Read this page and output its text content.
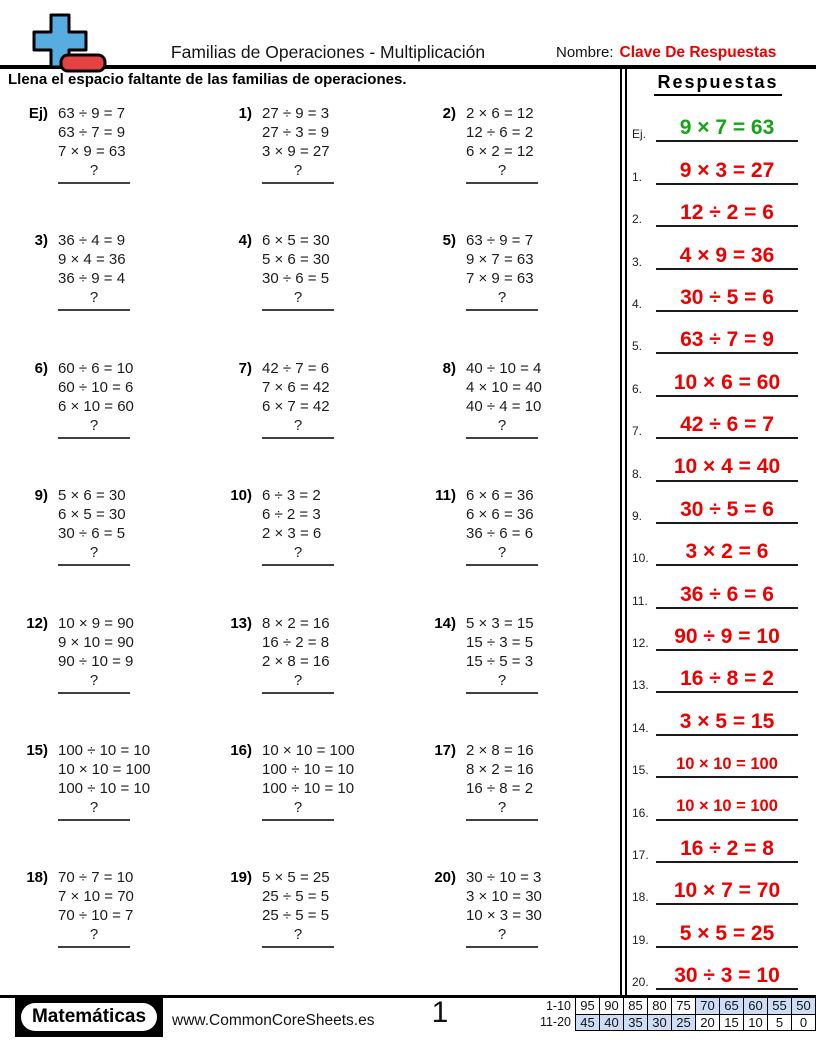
Familias de Operaciones - Multiplicación	Nombre: Clave De Respuestas
Llena el espacio faltante de las familias de operaciones.
Ej) 63 ÷ 9 = 7
63 ÷ 7 = 9
7 × 9 = 63
?
1) 27 ÷ 9 = 3
27 ÷ 3 = 9
3 × 9 = 27
?
2) 2 × 6 = 12
12 ÷ 6 = 2
6 × 2 = 12
?
3) 36 ÷ 4 = 9
9 × 4 = 36
36 ÷ 9 = 4
?
4) 6 × 5 = 30
5 × 6 = 30
30 ÷ 6 = 5
?
5) 63 ÷ 9 = 7
9 × 7 = 63
7 × 9 = 63
?
6) 60 ÷ 6 = 10
60 ÷ 10 = 6
6 × 10 = 60
?
7) 42 ÷ 7 = 6
7 × 6 = 42
6 × 7 = 42
?
8) 40 ÷ 10 = 4
4 × 10 = 40
40 ÷ 4 = 10
?
9) 5 × 6 = 30
6 × 5 = 30
30 ÷ 6 = 5
?
10) 6 ÷ 3 = 2
6 ÷ 2 = 3
2 × 3 = 6
?
11) 6 × 6 = 36
6 × 6 = 36
36 ÷ 6 = 6
?
12) 10 × 9 = 90
9 × 10 = 90
90 ÷ 10 = 9
?
13) 8 × 2 = 16
16 ÷ 2 = 8
2 × 8 = 16
?
14) 5 × 3 = 15
15 ÷ 3 = 5
15 ÷ 5 = 3
?
15) 100 ÷ 10 = 10
10 × 10 = 100
100 ÷ 10 = 10
?
16) 10 × 10 = 100
100 ÷ 10 = 10
100 ÷ 10 = 10
?
17) 2 × 8 = 16
8 × 2 = 16
16 ÷ 8 = 2
?
18) 70 ÷ 7 = 10
7 × 10 = 70
70 ÷ 10 = 7
?
19) 5 × 5 = 25
25 ÷ 5 = 5
25 ÷ 5 = 5
?
20) 30 ÷ 10 = 3
3 × 10 = 30
10 × 3 = 30
?
Respuestas
Ej.	9 × 7 = 63
1.	9 × 3 = 27
2.	12 ÷ 2 = 6
3.	4 × 9 = 36
4.	30 ÷ 5 = 6
5.	63 ÷ 7 = 9
6.	10 × 6 = 60
7.	42 ÷ 6 = 7
8.	10 × 4 = 40
9.	30 ÷ 5 = 6
10.	3 × 2 = 6
11.	36 ÷ 6 = 6
12.	90 ÷ 9 = 10
13.	16 ÷ 8 = 2
14.	3 × 5 = 15
15.	10 × 10 = 100
16.	10 × 10 = 100
17.	16 ÷ 2 = 8
18.	10 × 7 = 70
19.	5 × 5 = 25
20.	30 ÷ 3 = 10
Matemáticas	www.CommonCoreSheets.es	1	1-10	95	90	85	80	75	70	65	60	55	50
11-20	45	40	35	30	25	20	15	10	5	0
